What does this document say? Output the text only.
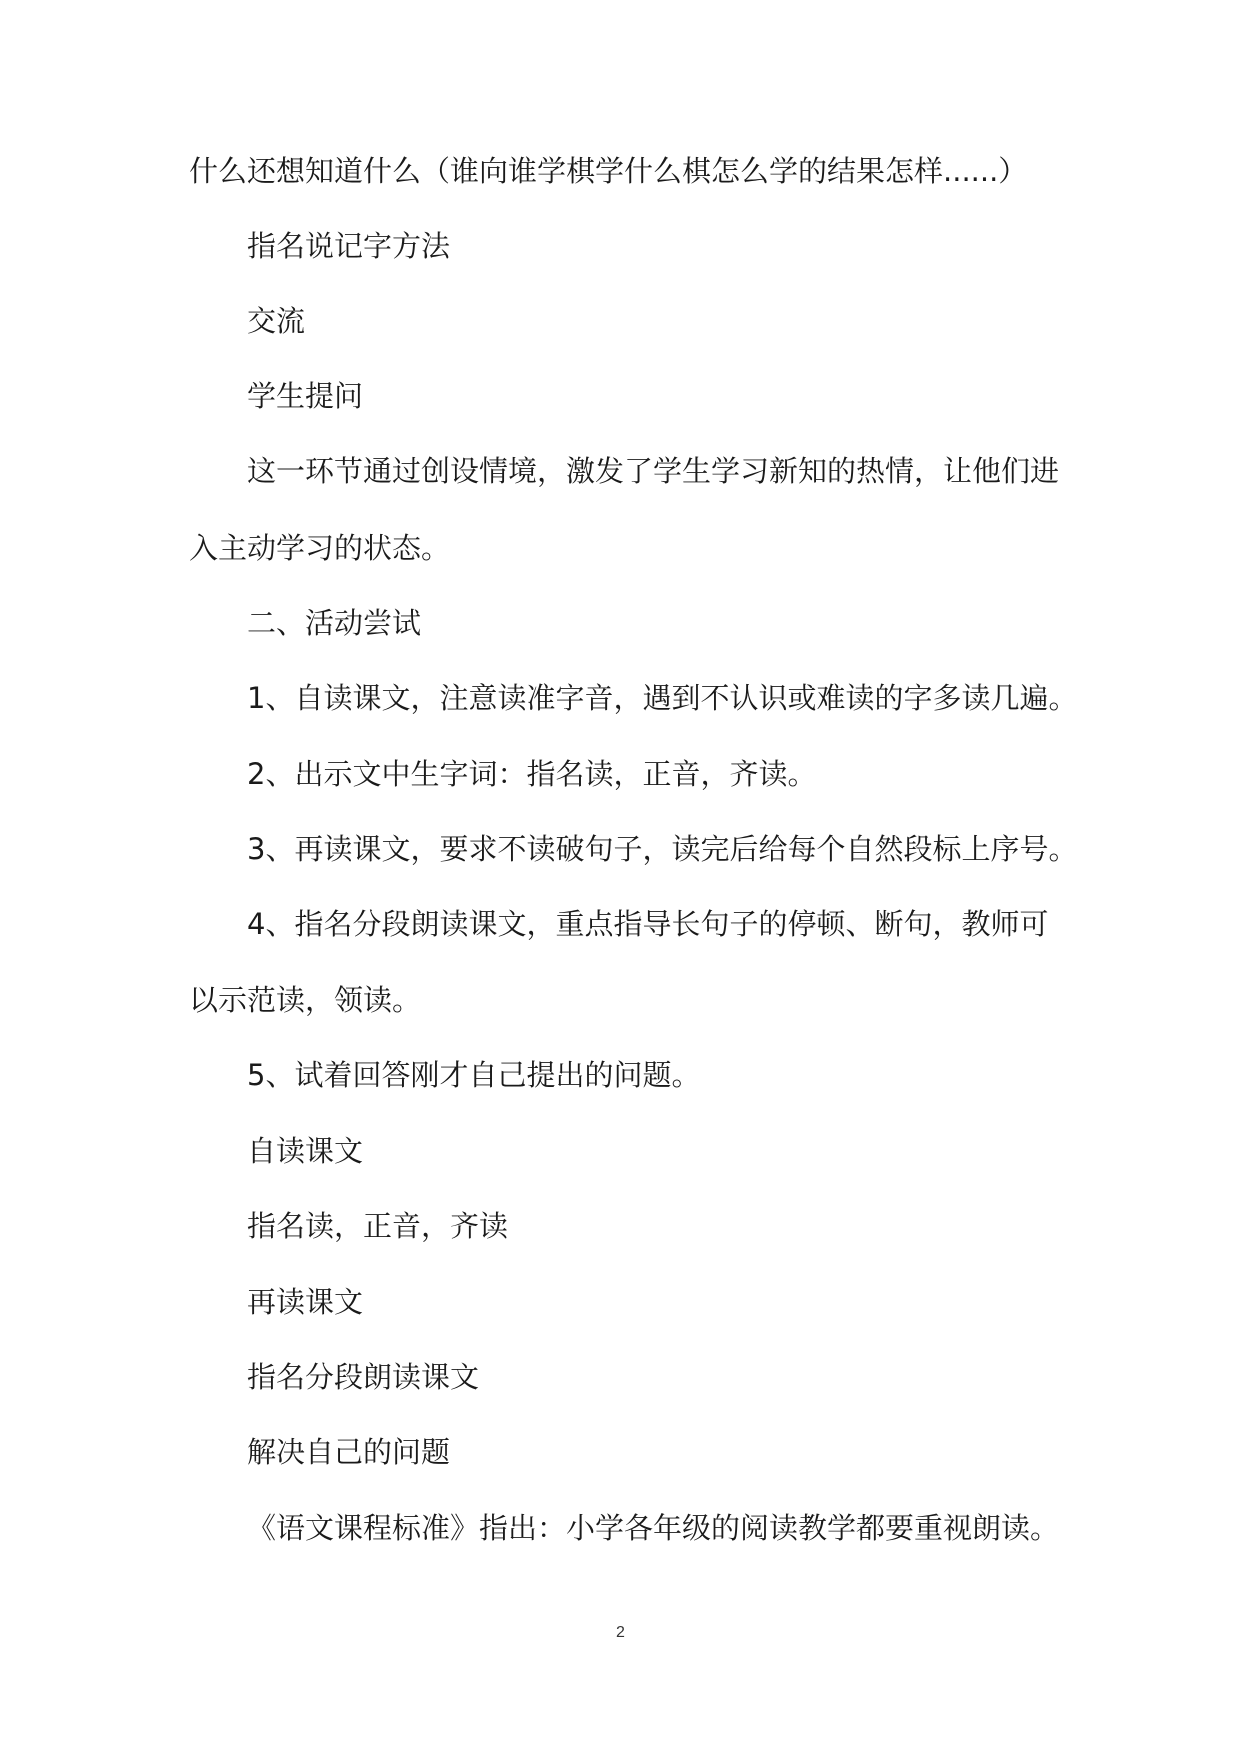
什么还想知道什么（谁向谁学棋学什么棋怎么学的结果怎样......）
指名说记字方法
交流
学生提问
这一环节通过创设情境，激发了学生学习新知的热情，让他们进
入主动学习的状态。
二、活动尝试
1、自读课文，注意读准字音，遇到不认识或难读的字多读几遍。
2、出示文中生字词：指名读，正音，齐读。
3、再读课文，要求不读破句子，读完后给每个自然段标上序号。
4、指名分段朗读课文，重点指导长句子的停顿、断句，教师可
以示范读，领读。
5、试着回答刚才自己提出的问题。
自读课文
指名读，正音，齐读
再读课文
指名分段朗读课文
解决自己的问题
《语文课程标准》指出：小学各年级的阅读教学都要重视朗读。
2
